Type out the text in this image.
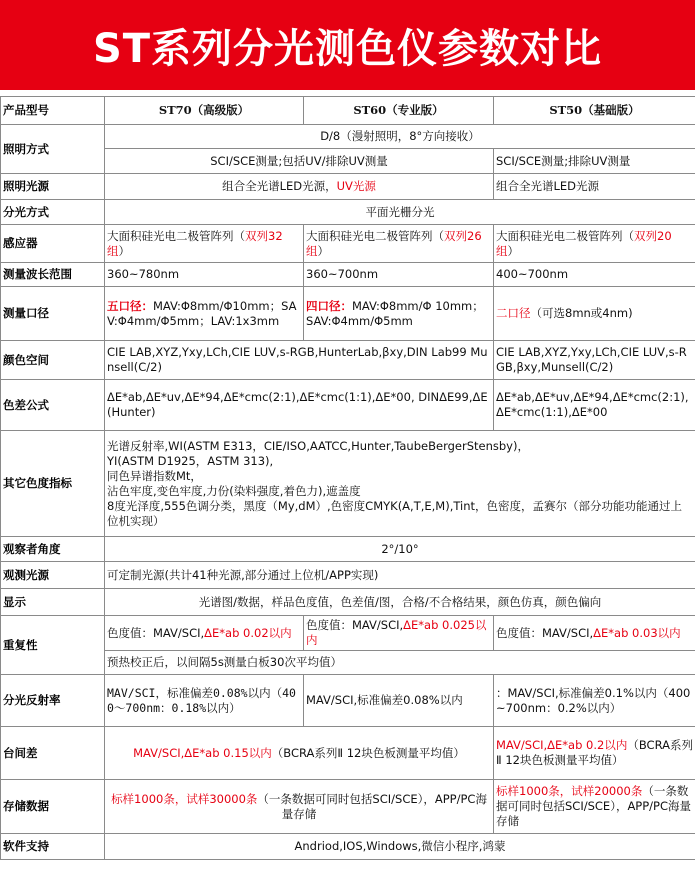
ST系列分光测色仪参数对比
产品型号	ST70（高级版）	ST60（专业版）	ST50（基础版）
照明方式	D/8（漫射照明，8°方向接收）		
	SCI/SCE测量;包括UV/排除UV测量		SCI/SCE测量;排除UV测量
照明光源	组合全光谱LED光源，UV光源		组合全光谱LED光源
分光方式	平面光栅分光		
感应器	大面积硅光电二极管阵列（双列32组）	大面积硅光电二极管阵列（双列26组）	大面积硅光电二极管阵列（双列20组）
测量波长范围	360~780nm	360~700nm	400~700nm
测量口径	五口径：MAV:Φ8mm/Φ10mm；SAV:Φ4mm/Φ5mm；LAV:1x3mm	四口径：MAV:Φ8mm/Φ 10mm；SAV:Φ4mm/Φ5mm	二口径（可选8mn或4nm)
颜色空间	CIE LAB,XYZ,Yxy,LCh,CIE LUV,s-RGB,HunterLab,βxy,DIN Lab99 Munsell(C/2)		CIE LAB,XYZ,Yxy,LCh,CIE LUV,s-RGB,βxy,Munsell(C/2)
色差公式	ΔE*ab,ΔE*uv,ΔE*94,ΔE*cmc(2:1),ΔE*cmc(1:1),ΔE*00, DINΔE99,ΔE(Hunter)		ΔE*ab,ΔE*uv,ΔE*94,ΔE*cmc(2:1),ΔE*cmc(1:1),ΔE*00
其它色度指标	光谱反射率,WI(ASTM E313，CIE/ISO,AATCC,Hunter,TaubeBergerStensby)，
YI(ASTM D1925，ASTM 313),
同色异谱指数Mt，
沾色牢度,变色牢度,力份(染料强度,着色力),遮盖度
8度光泽度,555色调分类，黑度（My,dM）,色密度CMYK(A,T,E,M),Tint，色密度，孟赛尔（部分功能功能通过上位机实现）		

观察者角度	2°/10°		
观测光源	可定制光源(共计41种光源,部分通过上位机/APP实现)		
显示	光谱图/数据，样品色度值，色差值/图，合格/不合格结果，颜色仿真，颜色偏向		
重复性	色度值：MAV/SCI,ΔE*ab 0.02以内	色度值：MAV/SCI,ΔE*ab 0.025以内	色度值：MAV/SCI,ΔE*ab 0.03以内
	预热校正后，以间隔5s测量白板30次平均值）		
分光反射率	MAV/SCI，标准偏差0.08%以内（400～700nm：0.18%以内）	MAV/SCI,标准偏差0.08%以内	：MAV/SCI,标准偏差0.1%以内（400~700nm：0.2%以内）
台间差	MAV/SCI,ΔE*ab 0.15以内（BCRA系列Ⅱ 12块色板测量平均值）		MAV/SCI,ΔE*ab 0.2以内（BCRA系列Ⅱ 12块色板测量平均值）
存储数据	标样1000条，试样30000条（一条数据可同时包括SCI/SCE），APP/PC海量存储		标样1000条，试样20000条（一条数据可同时包括SCI/SCE），APP/PC海量存储
软件支持	Andriod,IOS,Windows,微信小程序,鸿蒙		
